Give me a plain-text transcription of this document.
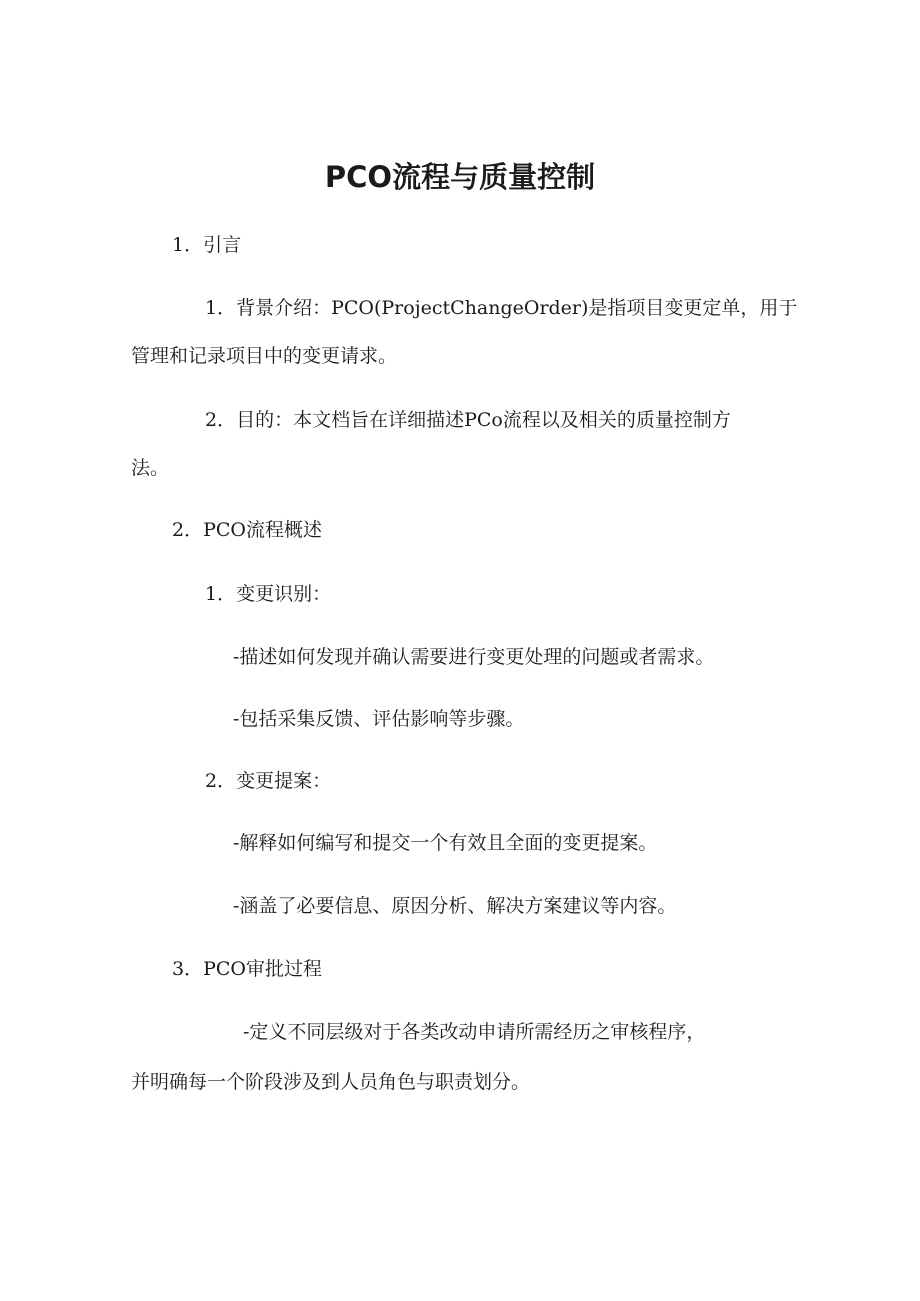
PCO流程与质量控制

1．引言

1．背景介绍：PCO(ProjectChangeOrder)是指项目变更定单，用于

管理和记录项目中的变更请求。

2．目的：本文档旨在详细描述PCo流程以及相关的质量控制方

法。

2．PCO流程概述

1．变更识别：

-描述如何发现并确认需要进行变更处理的问题或者需求。

-包括采集反馈、评估影响等步骤。

2．变更提案：

-解释如何编写和提交一个有效且全面的变更提案。

-涵盖了必要信息、原因分析、解决方案建议等内容。

3．PCO审批过程

-定义不同层级对于各类改动申请所需经历之审核程序，

并明确每一个阶段涉及到人员角色与职责划分。
